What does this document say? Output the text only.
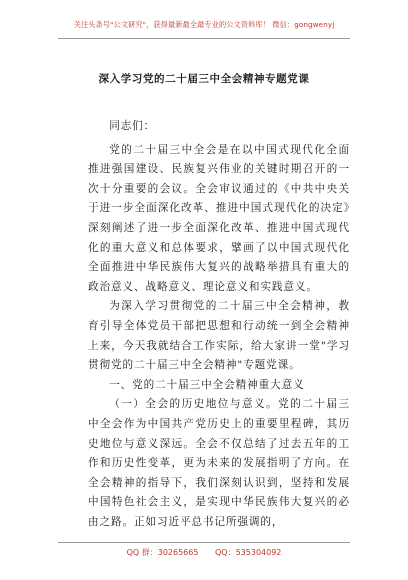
关注头条号"公文研究"，获得最新最全最专业的公文资料库！ 微信：gongwenyj
深入学习党的二十届三中全会精神专题党课

同志们：

党的二十届三中全会是在以中国式现代化全面推进强国建设、民族复兴伟业的关键时期召开的一次十分重要的会议。全会审议通过的《中共中央关于进一步全面深化改革、推进中国式现代化的决定》深刻阐述了进一步全面深化改革、推进中国式现代化的重大意义和总体要求，擘画了以中国式现代化全面推进中华民族伟大复兴的战略举措具有重大的政治意义、战略意义、理论意义和实践意义。

为深入学习贯彻党的二十届三中全会精神，教育引导全体党员干部把思想和行动统一到全会精神上来，今天我就结合工作实际，给大家讲一堂"学习贯彻党的二十届三中全会精神"专题党课。

一、党的二十届三中全会精神重大意义

（一）全会的历史地位与意义。党的二十届三中全会作为中国共产党历史上的重要里程碑，其历史地位与意义深远。全会不仅总结了过去五年的工作和历史性变革，更为未来的发展指明了方向。在全会精神的指导下，我们深刻认识到，坚持和发展中国特色社会主义，是实现中华民族伟大复兴的必由之路。正如习近平总书记所强调的，

QQ 群：30265665 QQ：535304092
